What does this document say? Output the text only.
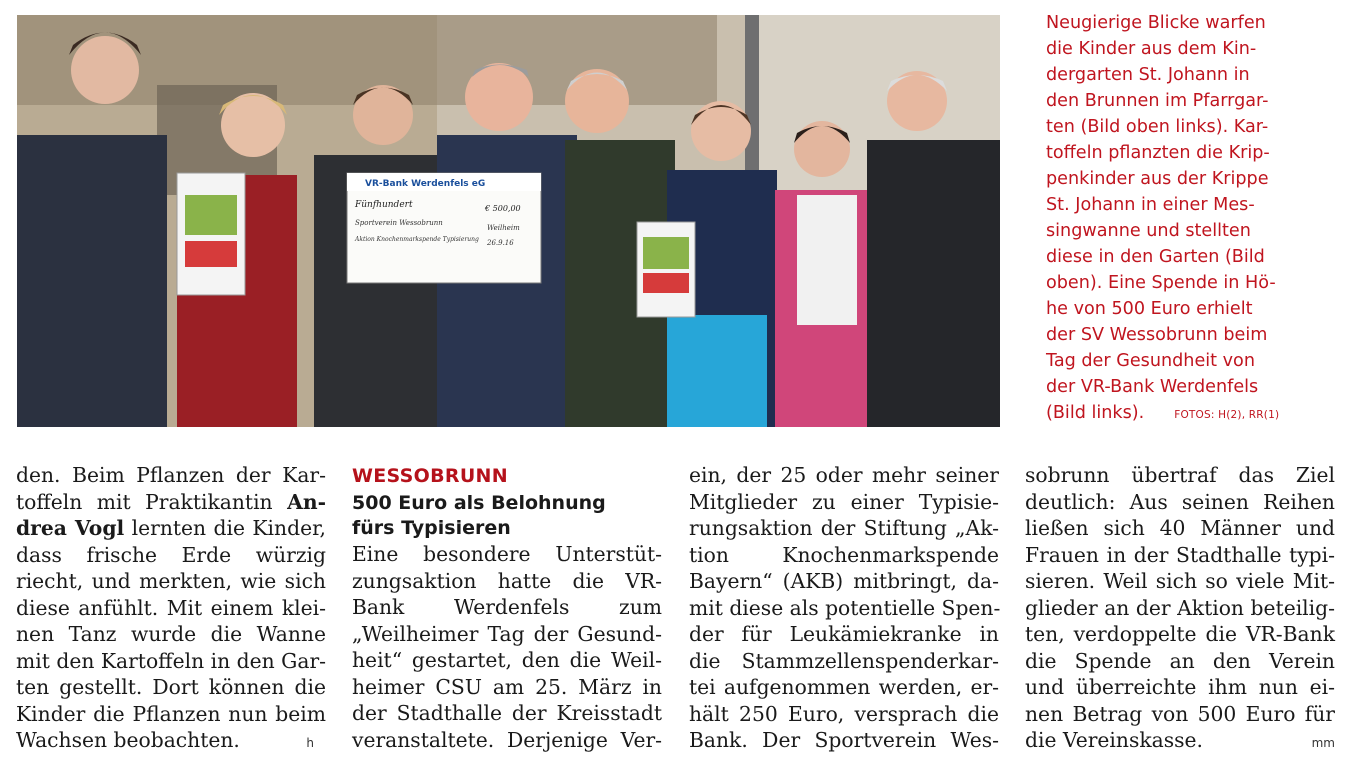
VR-Bank Werdenfels eG
Fünfhundert
Sportverein Wessobrunn
Aktion Knochenmarkspende Typisierung
€ 500,00
Weilheim
26.9.16
Neugierige Blicke warfen
die Kinder aus dem Kin-
dergarten St. Johann in
den Brunnen im Pfarrgar-
ten (Bild oben links). Kar-
toffeln pflanzten die Krip-
penkinder aus der Krippe
St. Johann in einer Mes-
singwanne und stellten
diese in den Garten (Bild
oben). Eine Spende in Hö-
he von 500 Euro erhielt
der SV Wessobrunn beim
Tag der Gesundheit von
der VR-Bank Werdenfels
(Bild links).	FOTOS: H(2), RR(1)
den. Beim Pflanzen der Kar-
toffeln mit Praktikantin An-
drea Vogl lernten die Kinder,
dass frische Erde würzig
riecht, und merkten, wie sich
diese anfühlt. Mit einem klei-
nen Tanz wurde die Wanne
mit den Kartoffeln in den Gar-
ten gestellt. Dort können die
Kinder die Pflanzen nun beim
Wachsen beobachten.	h
WESSOBRUNN
500 Euro als Belohnung
fürs Typisieren
Eine besondere Unterstüt-
zungsaktion hatte die VR-
Bank Werdenfels zum
„Weilheimer Tag der Gesund-
heit“ gestartet, den die Weil-
heimer CSU am 25. März in
der Stadthalle der Kreisstadt
veranstaltete. Derjenige Ver-
ein, der 25 oder mehr seiner
Mitglieder zu einer Typisie-
rungsaktion der Stiftung „Ak-
tion Knochenmarkspende
Bayern“ (AKB) mitbringt, da-
mit diese als potentielle Spen-
der für Leukämiekranke in
die Stammzellenspenderkar-
tei aufgenommen werden, er-
hält 250 Euro, versprach die
Bank. Der Sportverein Wes-
sobrunn übertraf das Ziel
deutlich: Aus seinen Reihen
ließen sich 40 Männer und
Frauen in der Stadthalle typi-
sieren. Weil sich so viele Mit-
glieder an der Aktion beteilig-
ten, verdoppelte die VR-Bank
die Spende an den Verein
und überreichte ihm nun ei-
nen Betrag von 500 Euro für
die Vereinskasse.	mm
